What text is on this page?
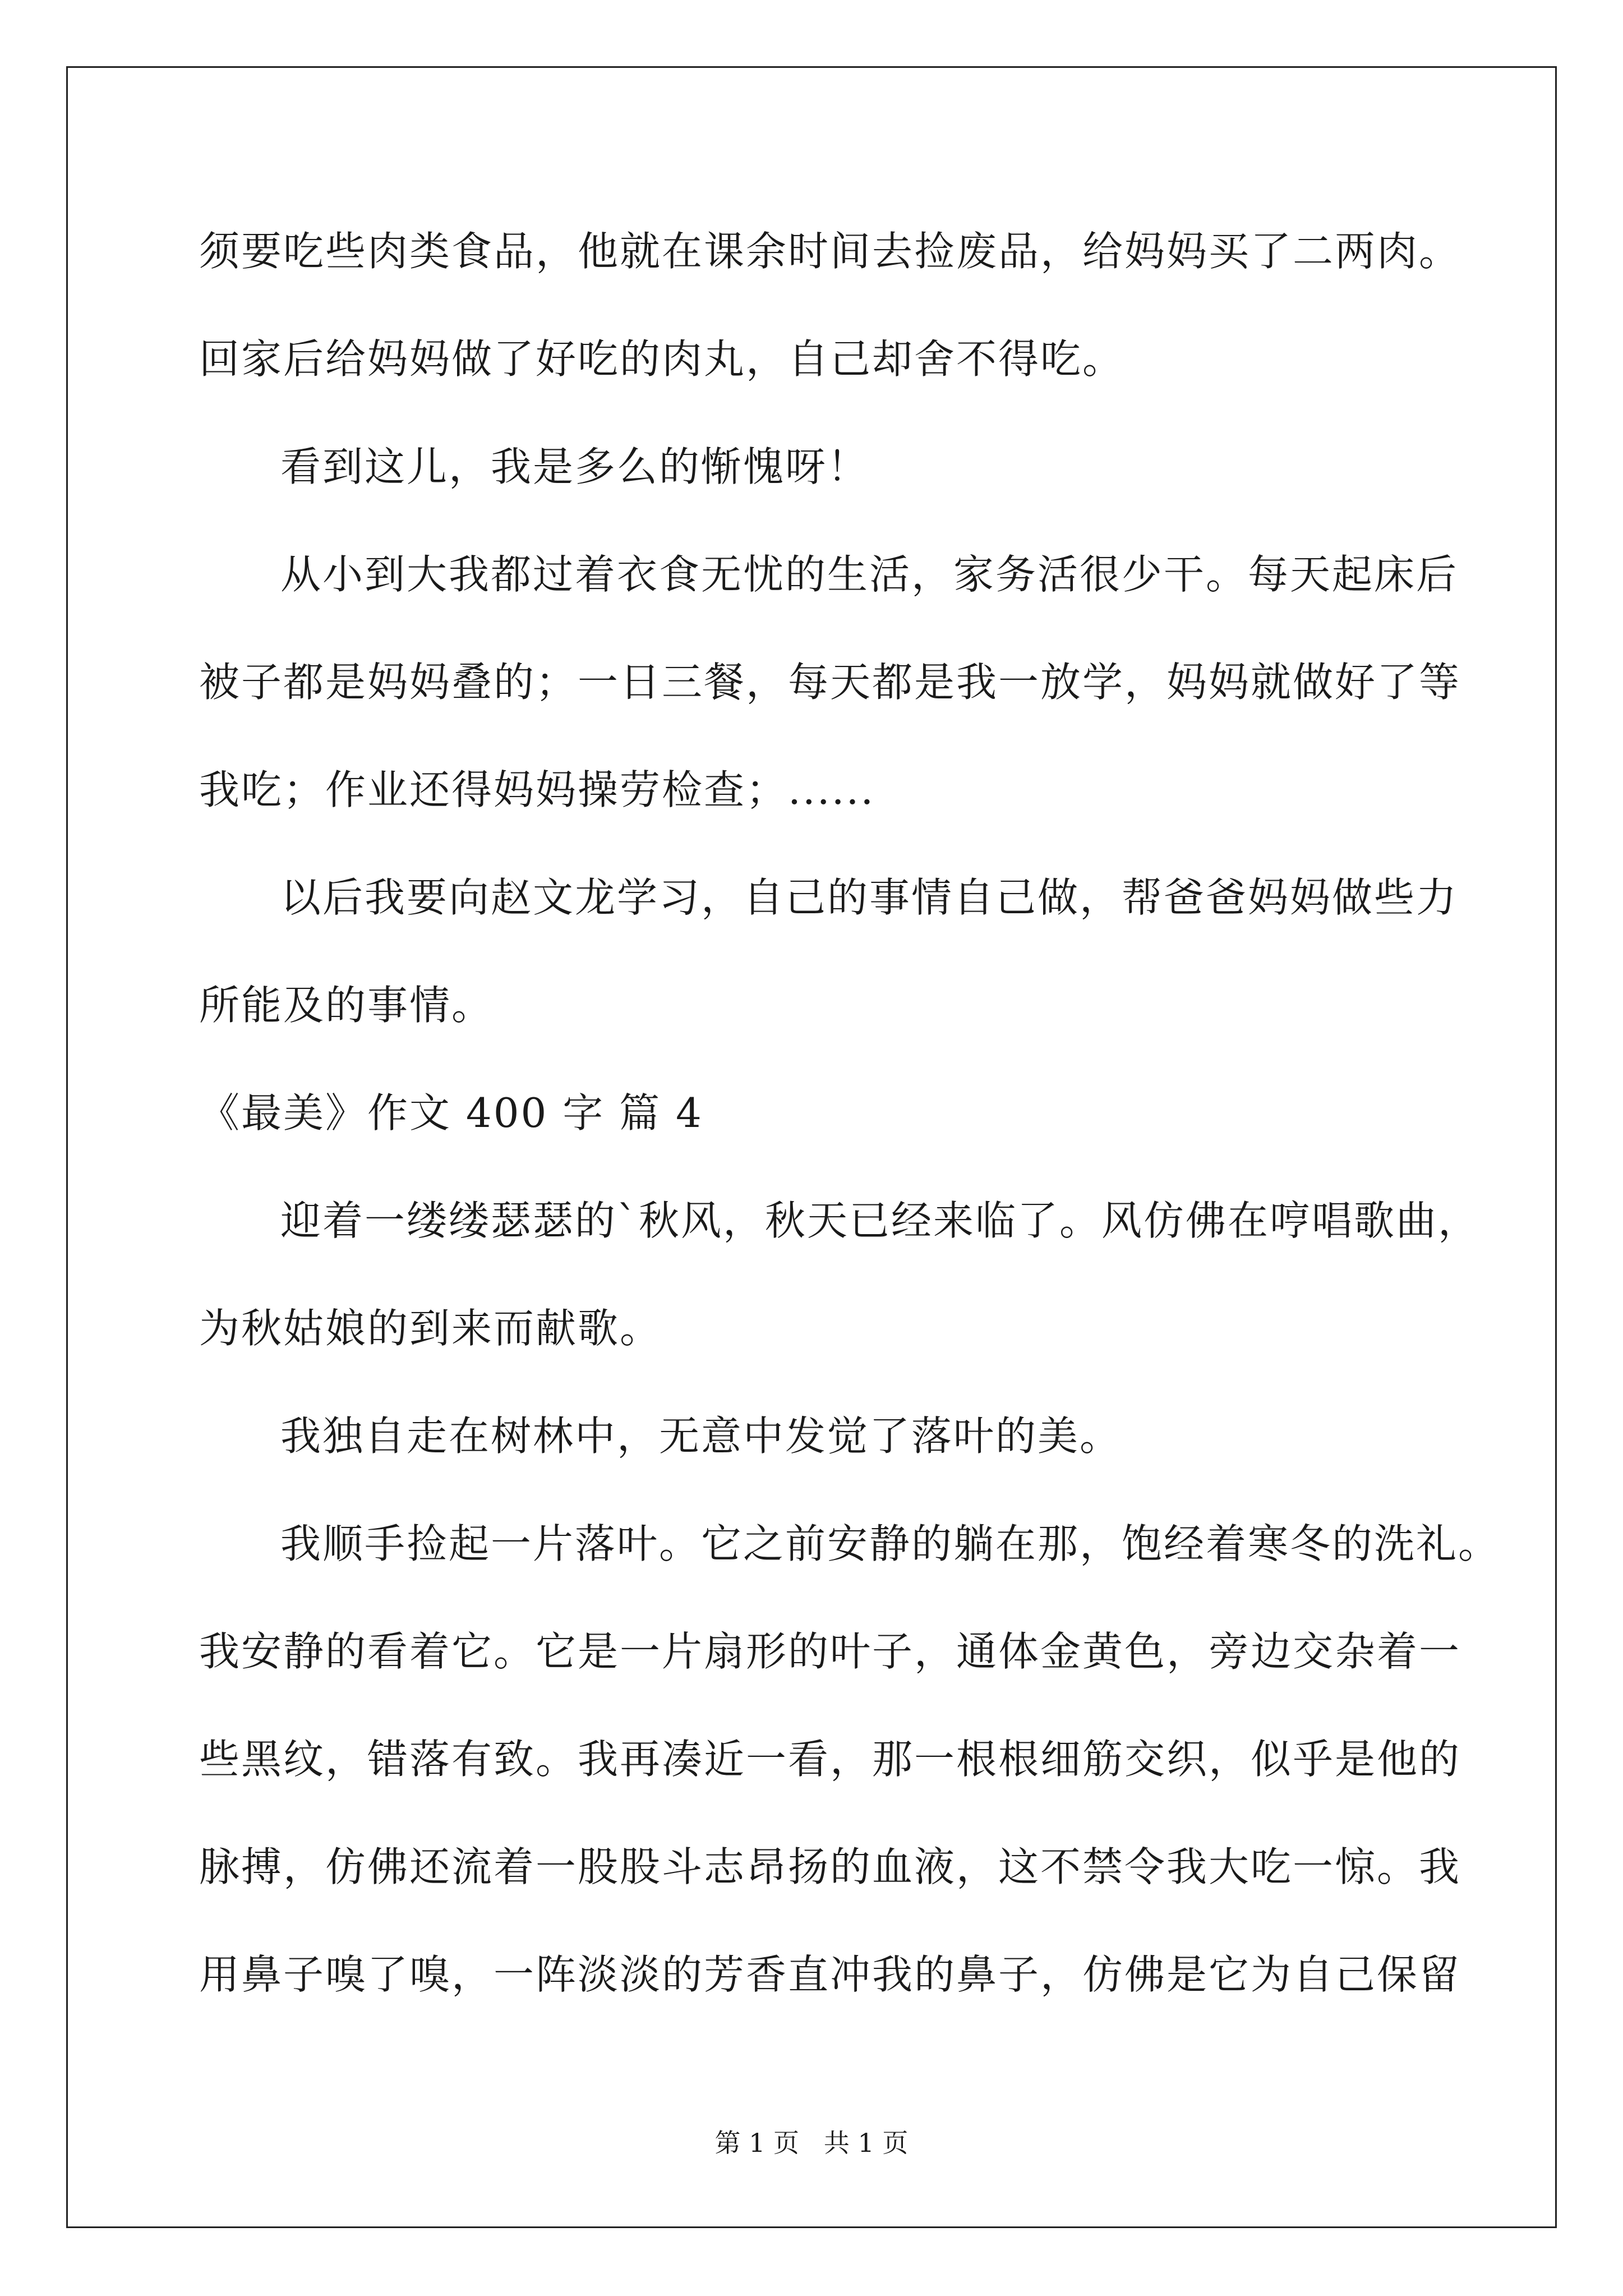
须要吃些肉类食品，他就在课余时间去捡废品，给妈妈买了二两肉。
回家后给妈妈做了好吃的肉丸，自己却舍不得吃。
看到这儿，我是多么的惭愧呀！
从小到大我都过着衣食无忧的生活，家务活很少干。每天起床后
被子都是妈妈叠的；一日三餐，每天都是我一放学，妈妈就做好了等
我吃；作业还得妈妈操劳检查；......
以后我要向赵文龙学习，自己的事情自己做，帮爸爸妈妈做些力
所能及的事情。
《最美》作文 400 字 篇 4
迎着一缕缕瑟瑟的`秋风，秋天已经来临了。风仿佛在哼唱歌曲，
为秋姑娘的到来而献歌。
我独自走在树林中，无意中发觉了落叶的美。
我顺手捡起一片落叶。它之前安静的躺在那，饱经着寒冬的洗礼。
我安静的看着它。它是一片扇形的叶子，通体金黄色，旁边交杂着一
些黑纹，错落有致。我再凑近一看，那一根根细筋交织，似乎是他的
脉搏，仿佛还流着一股股斗志昂扬的血液，这不禁令我大吃一惊。我
用鼻子嗅了嗅，一阵淡淡的芳香直冲我的鼻子，仿佛是它为自己保留
第 1 页   共 1 页
